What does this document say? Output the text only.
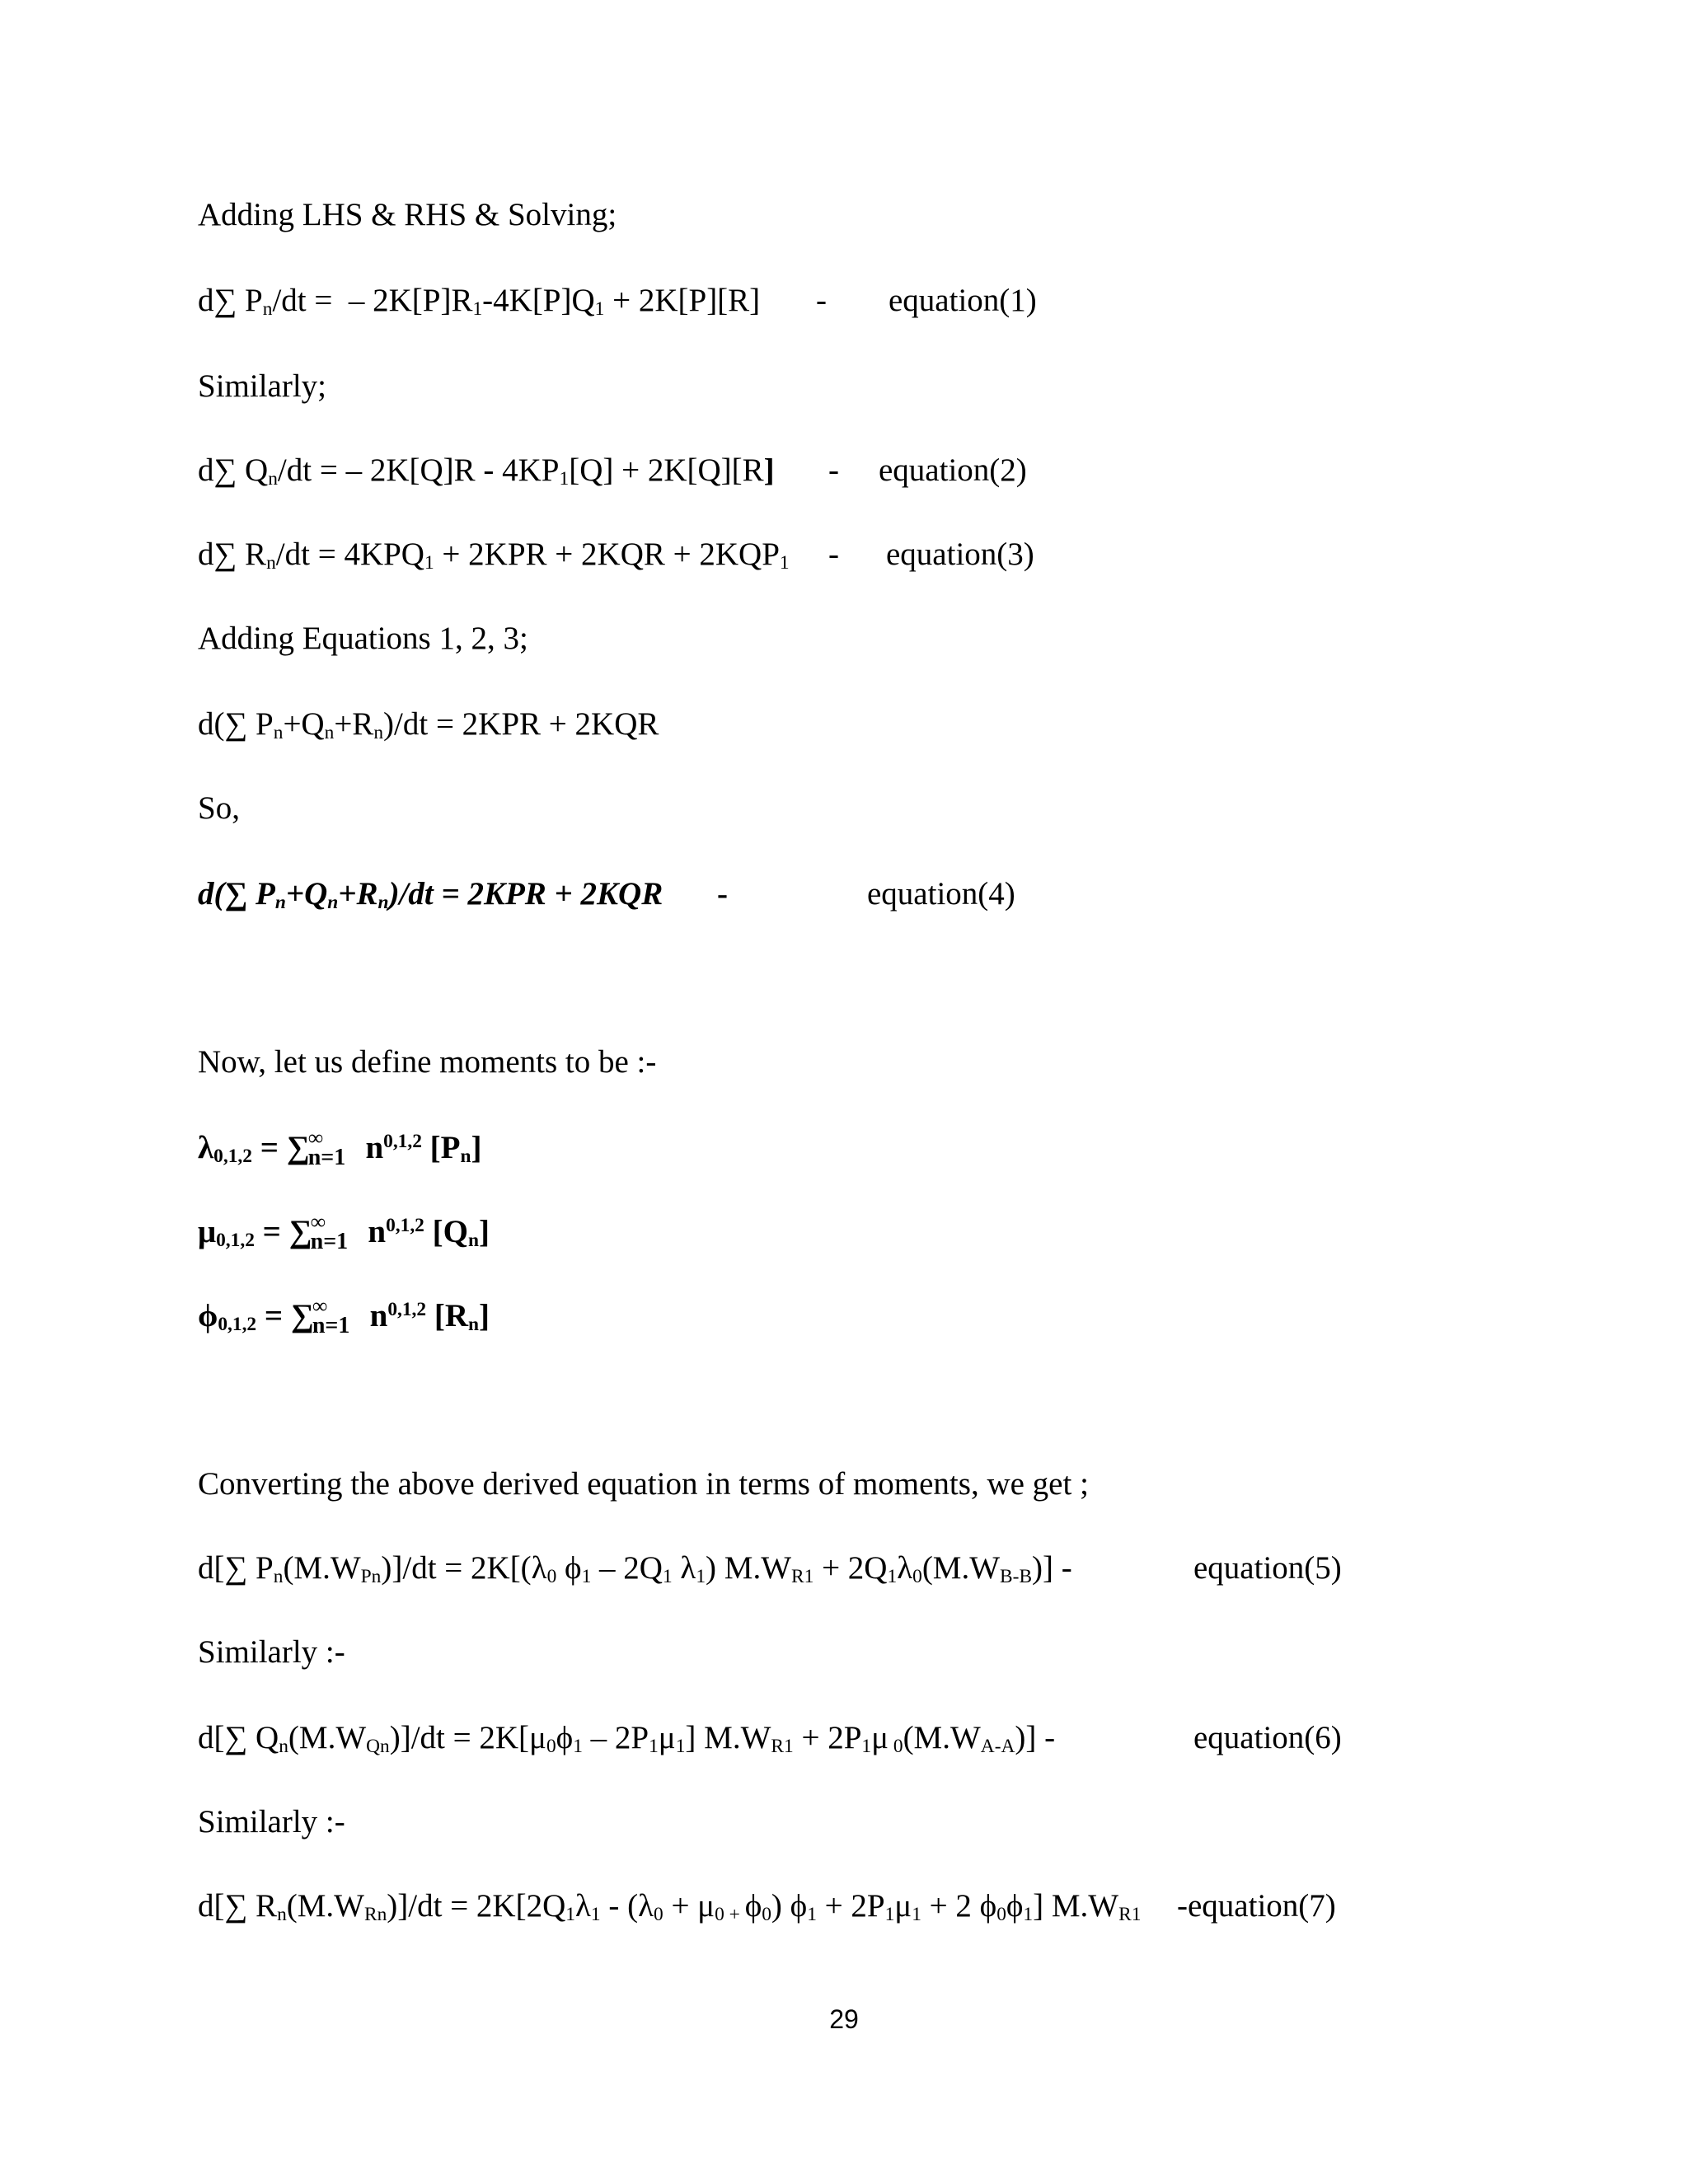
Adding LHS & RHS & Solving;
d∑ $P_n/dt$ =  – $2K[P]R_1-4K[P]Q_1 + 2K[P][R]$ - equation(1)
Similarly;
d∑ $Q_n/dt$ = – $2K[Q]R - 4KP_1[Q] + 2K[Q][R]$ - equation(2)
d∑ $R_n/dt = 4KPQ_1 + 2KPR + 2KQR + 2KQP_1$ - equation(3)
Adding Equations 1, 2, 3;
d(∑ $P_n+Q_n+R_n)/dt = 2KPR + 2KQR$
So,
d(∑ $P_n+Q_n+R_n)/dt = 2KPR + 2KQR$ -	equation(4)
Now, let us define moments to be :-
$\lambda_{0,1,2}$ = ∑
∞
n=1 $n^{0,1,2}$ $[P_n]$
$\mu_{0,1,2}$ = ∑
∞
n=1 $n^{0,1,2}$ $[Q_n]$
$\phi_{0,1,2}$ = ∑
∞
n=1 $n^{0,1,2}$ $[R_n]$
Converting the above derived equation in terms of moments, we get ;
d[∑ $P_n(M.W_{Pn})]/dt = 2K[(\lambda_0$ $\phi_1 - 2Q_1$ $\lambda_1$) $M.W_{R1} + 2Q_1\lambda_0(M.W_{B-B})$] -	equation(5)
Similarly :-
d[∑ $Q_n(M.W_{Qn})]/dt = 2K[\mu_0\phi_1 - 2P_1\mu_1]$ $M.W_{R1} + 2P_1\mu$ $_0(M.W_{A-A})$] -	equation(6)
Similarly :-
d[∑ $R_n(M.W_{Rn})]/dt = 2K[2Q_1\lambda_1 - (\lambda_0 + \mu_{0 +}$ $\phi_0$) $\phi_1 + 2P_1\mu_1 + 2$ $\phi_0\phi_1$] $M.W_{R1}$ -equation(7)
29
